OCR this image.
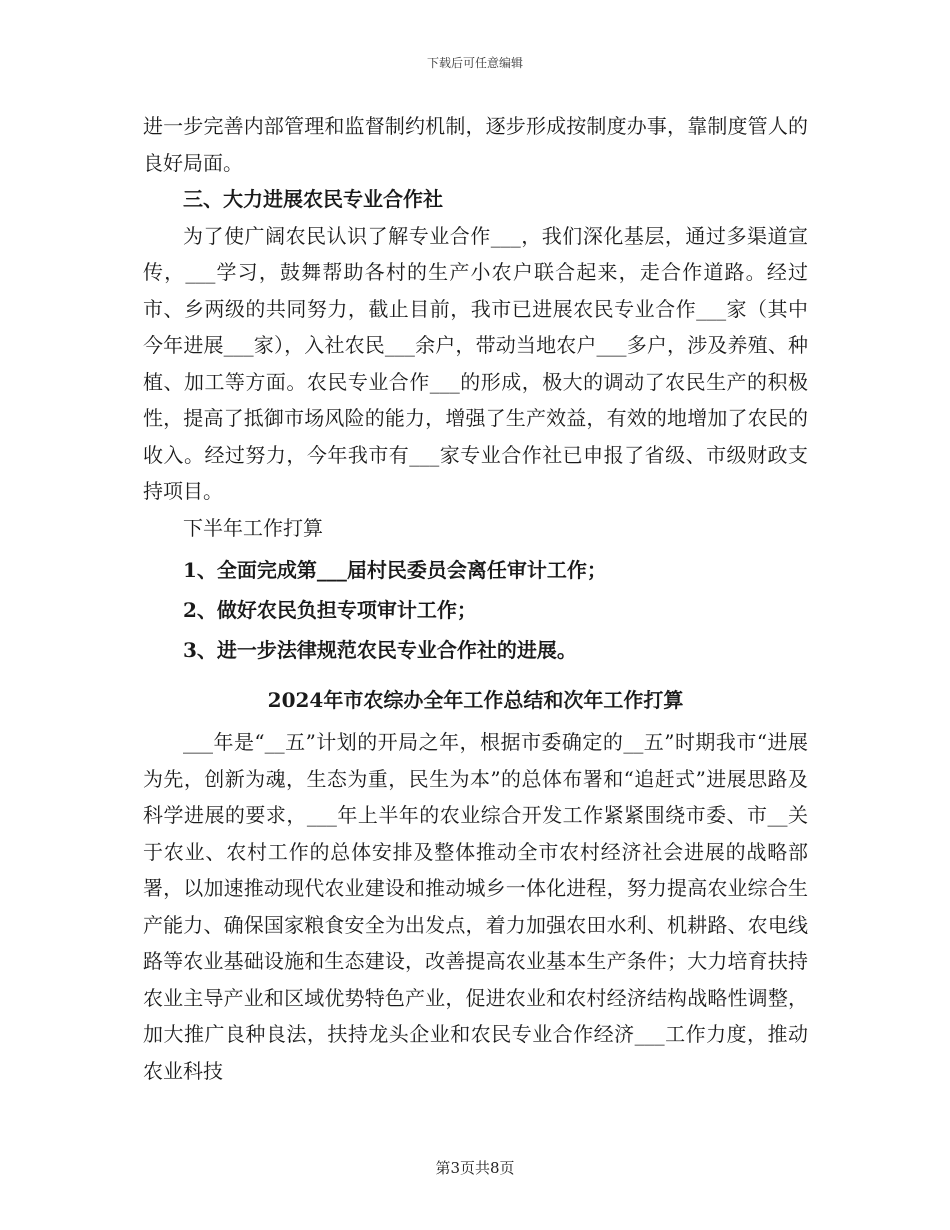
下载后可任意编辑

进一步完善内部管理和监督制约机制，逐步形成按制度办事，靠制度管人的良好局面。

三、大力进展农民专业合作社

为了使广阔农民认识了解专业合作___，我们深化基层，通过多渠道宣传，___学习，鼓舞帮助各村的生产小农户联合起来，走合作道路。经过市、乡两级的共同努力，截止目前，我市已进展农民专业合作___家（其中今年进展___家），入社农民___余户，带动当地农户___多户，涉及养殖、种植、加工等方面。农民专业合作___的形成，极大的调动了农民生产的积极性，提高了抵御市场风险的能力，增强了生产效益，有效的地增加了农民的收入。经过努力，今年我市有___家专业合作社已申报了省级、市级财政支持项目。

下半年工作打算

1、全面完成第___届村民委员会离任审计工作；

2、做好农民负担专项审计工作；

3、进一步法律规范农民专业合作社的进展。

2024年市农综办全年工作总结和次年工作打算

___年是“__五”计划的开局之年，根据市委确定的__五”时期我市“进展为先，创新为魂，生态为重，民生为本”的总体布署和“追赶式”进展思路及科学进展的要求，___年上半年的农业综合开发工作紧紧围绕市委、市__关于农业、农村工作的总体安排及整体推动全市农村经济社会进展的战略部署，以加速推动现代农业建设和推动城乡一体化进程，努力提高农业综合生产能力、确保国家粮食安全为出发点，着力加强农田水利、机耕路、农电线路等农业基础设施和生态建设，改善提高农业基本生产条件；大力培育扶持农业主导产业和区域优势特色产业，促进农业和农村经济结构战略性调整，加大推广良种良法，扶持龙头企业和农民专业合作经济___工作力度，推动农业科技

第3页共8页
